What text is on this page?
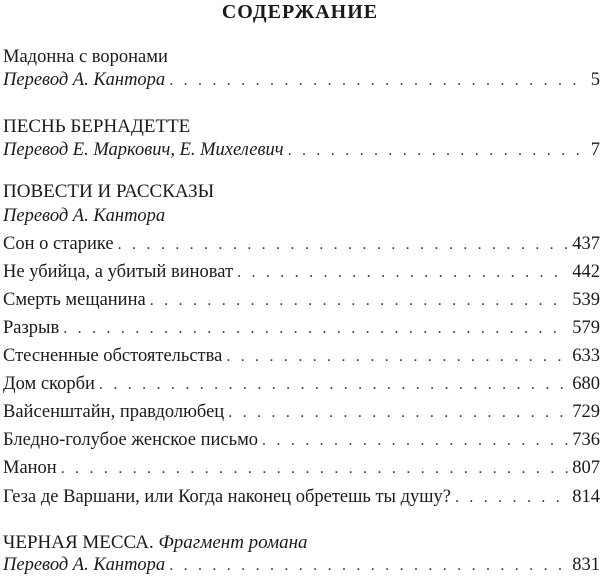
СОДЕРЖАНИЕ
Мадонна с воронами
Перевод А. Кантора . . .	5
ПЕСНЬ БЕРНАДЕТТЕ
Перевод Е. Маркович, Е. Михелевич . . .	7
ПОВЕСТИ И РАССКАЗЫ
Перевод А. Кантора
Сон о старике . . .	437
Не убийца, а убитый виноват . . .	442
Смерть мещанина . . .	539
Разрыв . . .	579
Стесненные обстоятельства . . .	633
Дом скорби . . .	680
Вайсенштайн, правдолюбец . . .	729
Бледно-голубое женское письмо . . .	736
Манон . . .	807
Геза де Варшани, или Когда наконец обретешь ты душу? . . .	814
ЧЕРНАЯ МЕССА. Фрагмент романа
Перевод А. Кантора . . .	831
